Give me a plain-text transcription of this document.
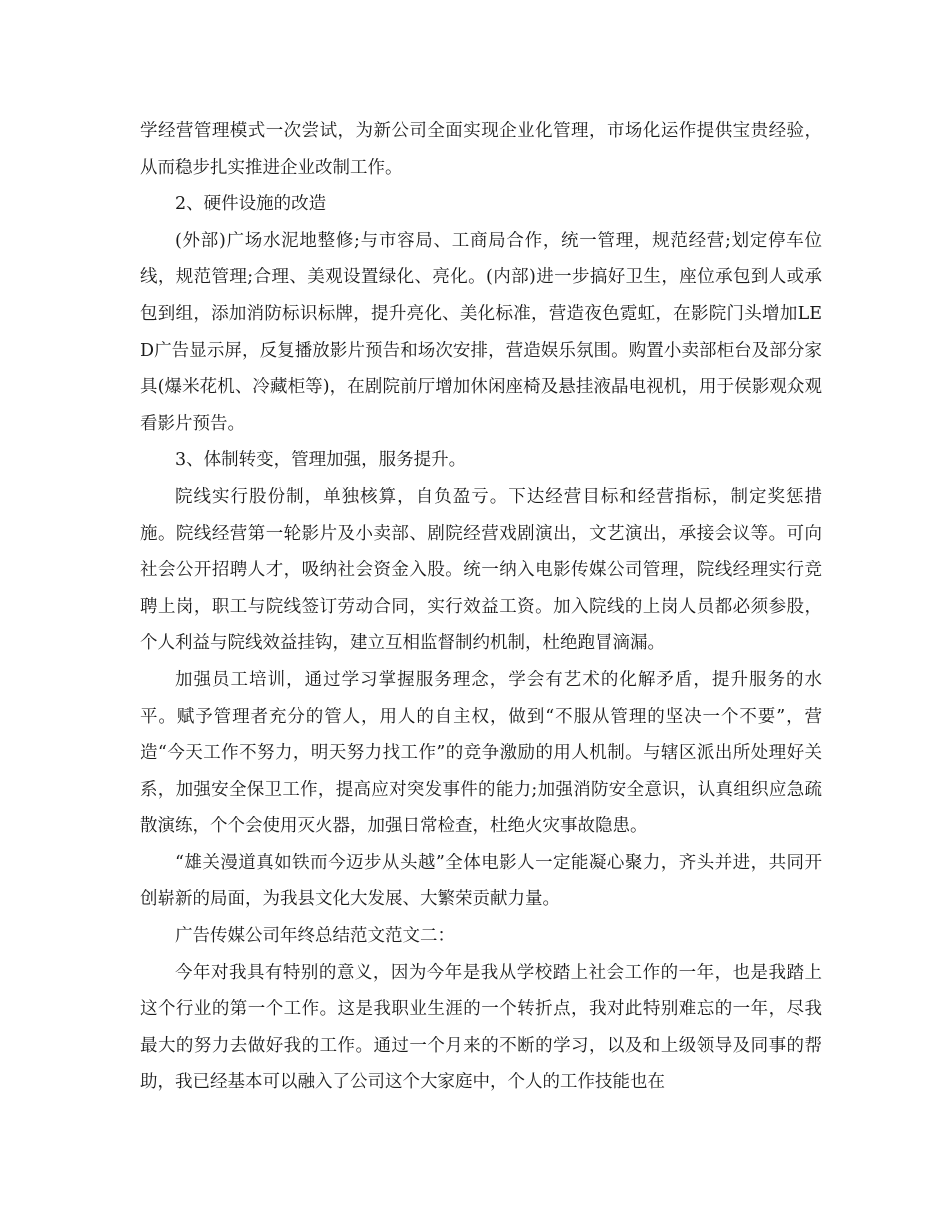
学经营管理模式一次尝试，为新公司全面实现企业化管理，市场化运作提供宝贵经验，从而稳步扎实推进企业改制工作。

2、硬件设施的改造

(外部)广场水泥地整修;与市容局、工商局合作，统一管理，规范经营;划定停车位线，规范管理;合理、美观设置绿化、亮化。(内部)进一步搞好卫生，座位承包到人或承包到组，添加消防标识标牌，提升亮化、美化标准，营造夜色霓虹，在影院门头增加LED广告显示屏，反复播放影片预告和场次安排，营造娱乐氛围。购置小卖部柜台及部分家具(爆米花机、冷藏柜等)，在剧院前厅增加休闲座椅及悬挂液晶电视机，用于侯影观众观看影片预告。

3、体制转变，管理加强，服务提升。

院线实行股份制，单独核算，自负盈亏。下达经营目标和经营指标，制定奖惩措施。院线经营第一轮影片及小卖部、剧院经营戏剧演出，文艺演出，承接会议等。可向社会公开招聘人才，吸纳社会资金入股。统一纳入电影传媒公司管理，院线经理实行竞聘上岗，职工与院线签订劳动合同，实行效益工资。加入院线的上岗人员都必须参股，个人利益与院线效益挂钩，建立互相监督制约机制，杜绝跑冒滴漏。

加强员工培训，通过学习掌握服务理念，学会有艺术的化解矛盾，提升服务的水平。赋予管理者充分的管人，用人的自主权，做到“不服从管理的坚决一个不要”，营造“今天工作不努力，明天努力找工作”的竞争激励的用人机制。与辖区派出所处理好关系，加强安全保卫工作，提高应对突发事件的能力;加强消防安全意识，认真组织应急疏散演练，个个会使用灭火器，加强日常检查，杜绝火灾事故隐患。

“雄关漫道真如铁而今迈步从头越”全体电影人一定能凝心聚力，齐头并进，共同开创崭新的局面，为我县文化大发展、大繁荣贡献力量。

广告传媒公司年终总结范文范文二：

今年对我具有特别的意义，因为今年是我从学校踏上社会工作的一年，也是我踏上这个行业的第一个工作。这是我职业生涯的一个转折点，我对此特别难忘的一年，尽我最大的努力去做好我的工作。通过一个月来的不断的学习，以及和上级领导及同事的帮助，我已经基本可以融入了公司这个大家庭中，个人的工作技能也在
